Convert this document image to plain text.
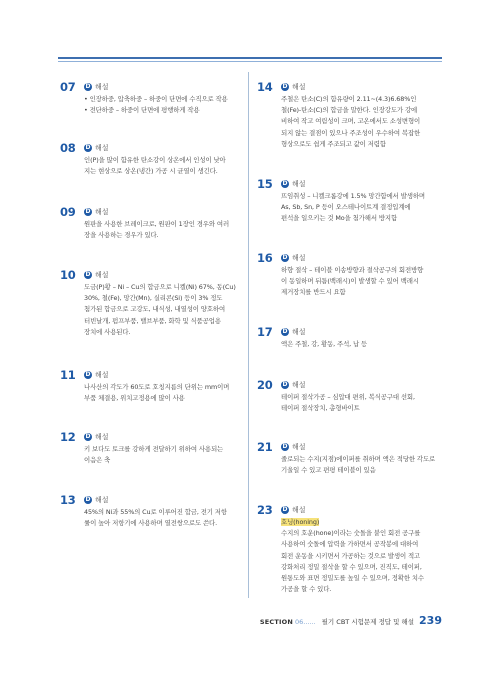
07	D 해설
• 인장하중, 압축하중 – 하중이 단면에 수직으로 작용
• 전단하중 – 하중이 단면에 평행하게 작용
08	D 해설
인(P)을 많이 함유한 탄소강이 상온에서 인성이 낮아
지는 현상으로 상온(냉간) 가공 시 균열이 생긴다.
09	D 해설
원판을 사용한 브레이크로, 원판이 1장인 경우와 여러
장을 사용하는 경우가 있다.
10	D 해설
도금(P)황 – Ni – Cu의 합금으로 니켈(Ni) 67%, 동(Cu)
30%, 철(Fe), 망간(Mn), 실리콘(Si) 등이 3% 정도
첨가된 합금으로 고강도, 내식성, 내열성이 양호하여
터빈날개, 펌프부품, 밸브부품, 화학 및 식품공업용
장치에 사용된다.
11	D 해설
나사산의 각도가 60도로 호칭지름의 단위는 mm이며
부품 체결용, 위치고정용에 많이 사용
12	D 해설
키 보다도 토크를 강하게 전달하기 위하여 사용되는
이음은 축
13	D 해설
45%의 Ni과 55%의 Cu로 이루어진 합금, 전기 저항
률이 높아 저항기에 사용하며 열전쌍으로도 쓴다.
14	D 해설
주철은 탄소(C)의 함유량이 2.11~(4.3)6.68%인
철(Fe)-탄소(C)의 합금을 말한다. 인장강도가 강에
비하여 작고 여림성이 크며, 고온에서도 소성변형이
되지 않는 결점이 있으나 주조성이 우수하여 복잡한
형상으로도 쉽게 주조되고 값이 저렴함
15	D 해설
뜨임취성 – 니켈크롬강에 1.5% 망간함에서 발생하며
As, Sb, Sn, P 등이 오스테나이트계 결정입계에
편석을 일으키는 것 Mo을 첨가해서 방지함
16	D 해설
하향 절삭 – 테이블 이송방향과 절삭공구의 회전방향
이 동일하며 뒤틈(백래시)이 발생할 수 있어 백래시
제거장치를 반드시 요함
17	D 해설
액은 주철, 강, 황동, 주석, 납 등
20	D 해설
테이퍼 절삭가공 – 심압대 편위, 복식공구대 선회,
테이퍼 절삭장치, 총형바이트
21	D 해설
줄로되는 수지(지점)에이퍼를 취하며 액은 적당한 각도로
기울일 수 있고 편평 테이블이 있음
23	D 해설
호닝(honing)
수지의 호운(hone)이라는 숫돌을 붙인 회전 공구를
사용하여 숫돌에 압력을 가하면서 공작봉에 대하여
회전 운동을 시키면서 가공하는 것으로 발생이 적고
강화처리 정밀 절삭을 할 수 있으며, 진직도, 테이퍼,
원통도와 표면 정밀도를 높일 수 있으며, 정확한 치수
가공을 할 수 있다.
SECTION 06...... 필기 CBT 시험문제 정답 및 해설 239
